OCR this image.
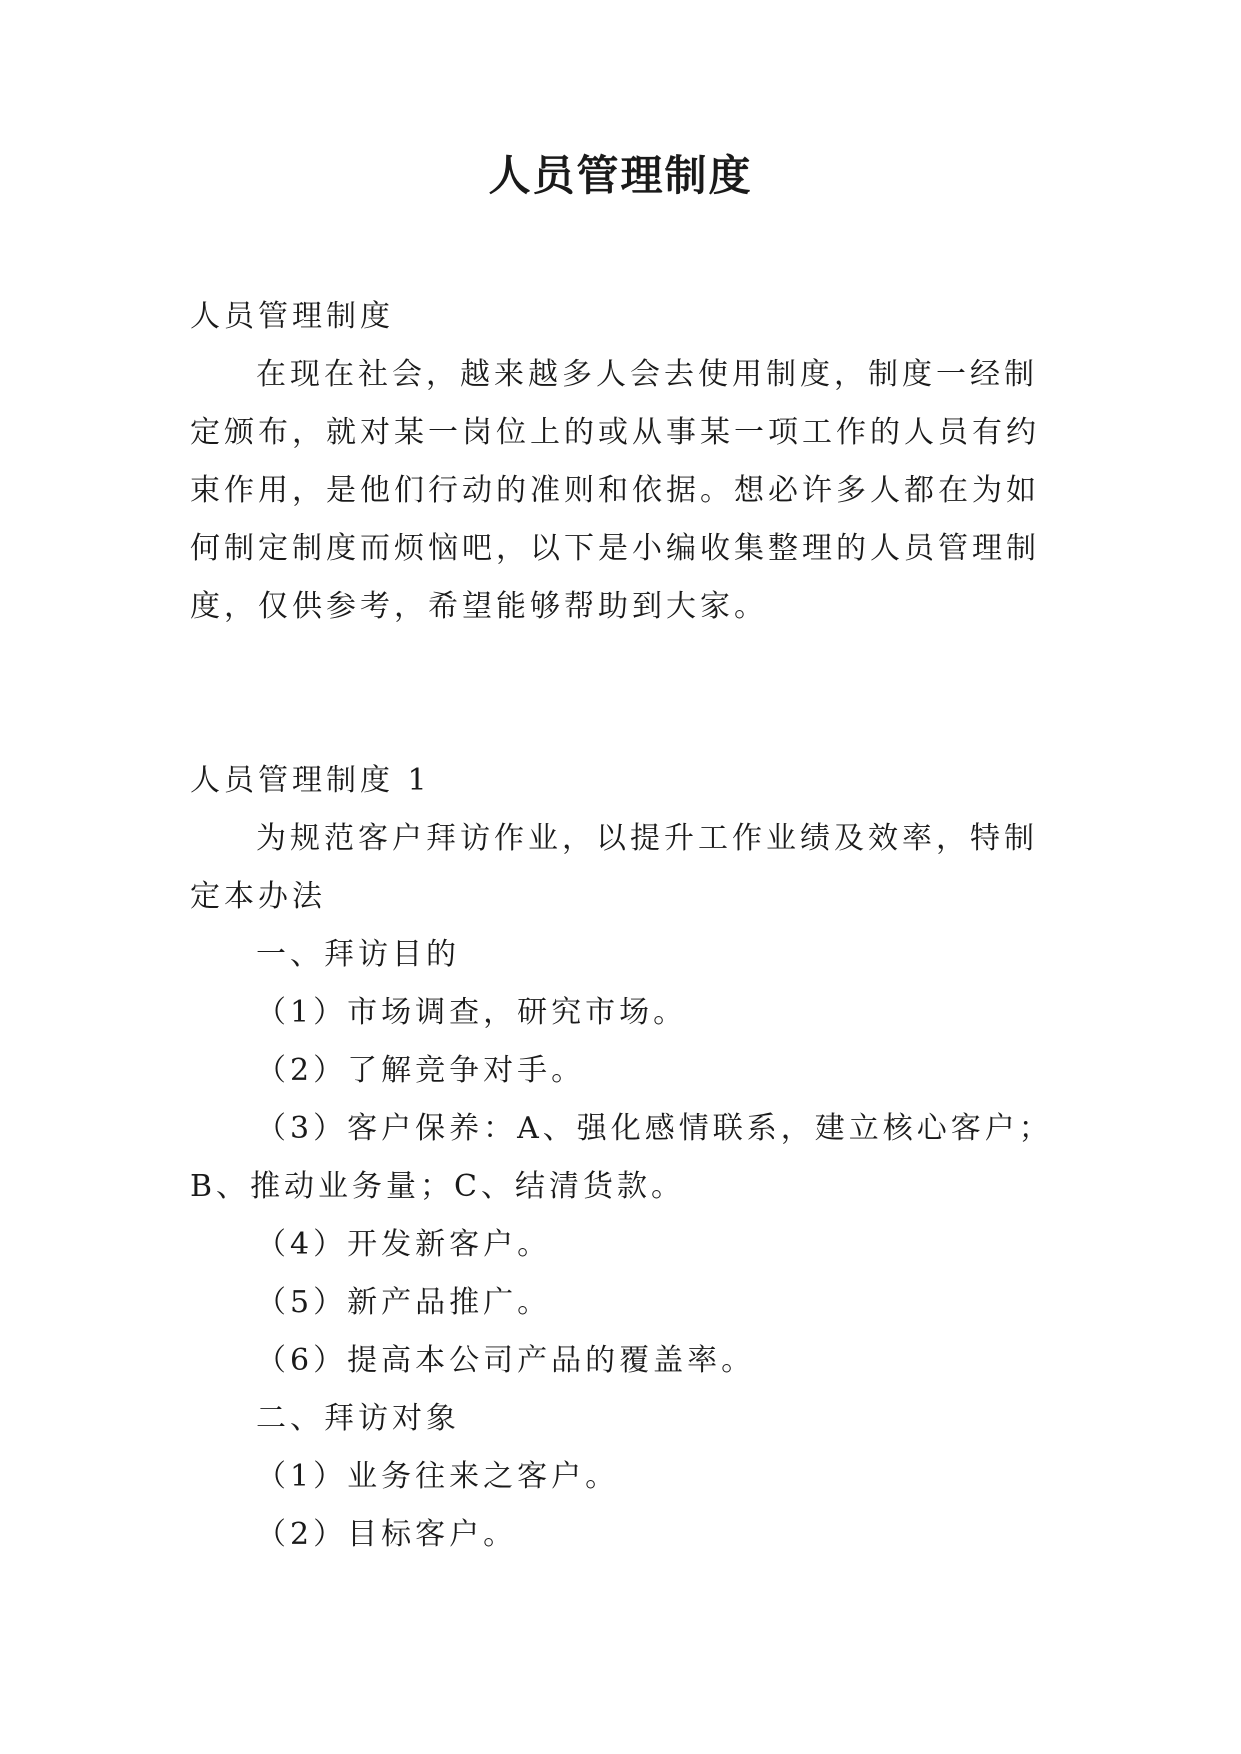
人员管理制度

人员管理制度

在现在社会，越来越多人会去使用制度，制度一经制定颁布，就对某一岗位上的或从事某一项工作的人员有约束作用，是他们行动的准则和依据。想必许多人都在为如何制定制度而烦恼吧，以下是小编收集整理的人员管理制度，仅供参考，希望能够帮助到大家。

人员管理制度 1

为规范客户拜访作业，以提升工作业绩及效率，特制定本办法

一、拜访目的

（1）市场调查，研究市场。

（2）了解竞争对手。

（3）客户保养：A、强化感情联系，建立核心客户；B、推动业务量；C、结清货款。

（4）开发新客户。

（5）新产品推广。

（6）提高本公司产品的覆盖率。

二、拜访对象

（1）业务往来之客户。

（2）目标客户。
